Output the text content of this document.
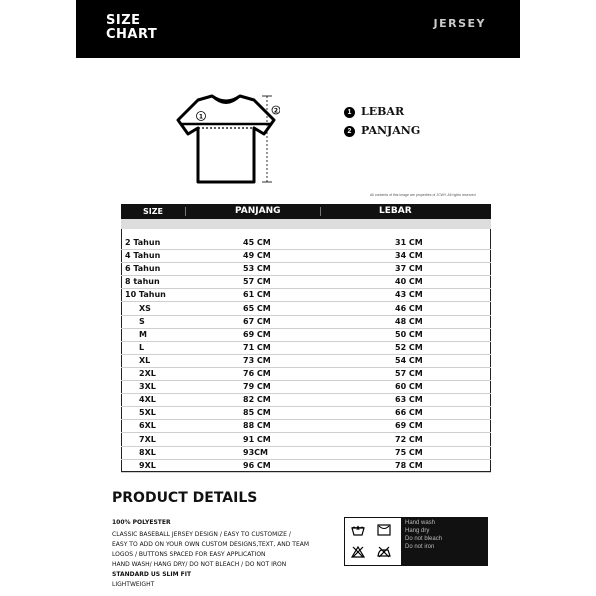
SIZE
CHART
JERSEY
1
2	1 LEBAR
2 PANJANG
All contents of this image are properties of JCWY. All rights reserved
SIZE	PANJANG	LEBAR
2 Tahun	45 CM	31 CM
4 Tahun	49 CM	34 CM
6 Tahun	53 CM	37 CM
8 tahun	57 CM	40 CM
10 Tahun	61 CM	43 CM
XS	65 CM	46 CM
S	67 CM	48 CM
M	69 CM	50 CM
L	71 CM	52 CM
XL	73 CM	54 CM
2XL	76 CM	57 CM
3XL	79 CM	60 CM
4XL	82 CM	63 CM
5XL	85 CM	66 CM
6XL	88 CM	69 CM
7XL	91 CM	72 CM
8XL	93CM	75 CM
9XL	96 CM	78 CM
PRODUCT DETAILS
100% POLYESTER
CLASSIC BASEBALL JERSEY DESIGN / EASY TO CUSTOMIZE /
EASY TO ADD ON YOUR OWN CUSTOM DESIGNS,TEXT, AND TEAM
LOGOS / BUTTONS SPACED FOR EASY APPLICATION
HAND WASH/ HANG DRY/ DO NOT BLEACH / DO NOT IRON
STANDARD US SLIM FIT
LIGHTWEIGHT
Hand wash
Hang dry
Do not bleach
Do not iron
